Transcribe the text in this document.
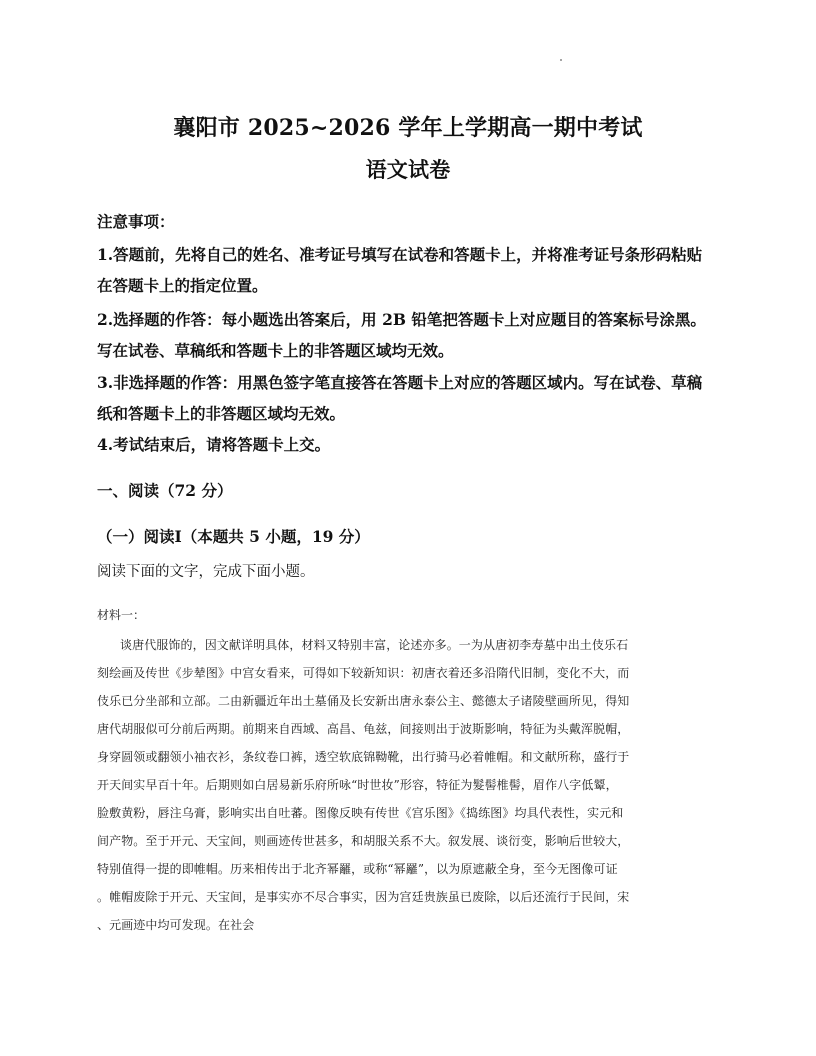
襄阳市 2025~2026 学年上学期高一期中考试
语文试卷
注意事项：
1.答题前，先将自己的姓名、准考证号填写在试卷和答题卡上，并将准考证号条形码粘贴
在答题卡上的指定位置。
2.选择题的作答：每小题选出答案后，用 2B 铅笔把答题卡上对应题目的答案标号涂黑。
写在试卷、草稿纸和答题卡上的非答题区域均无效。
3.非选择题的作答：用黑色签字笔直接答在答题卡上对应的答题区域内。写在试卷、草稿
纸和答题卡上的非答题区域均无效。
4.考试结束后，请将答题卡上交。
一、阅读（72 分）
（一）阅读Ⅰ（本题共 5 小题，19 分）
阅读下面的文字，完成下面小题。
材料一：
谈唐代服饰的，因文献详明具体，材料又特别丰富，论述亦多。一为从唐初李寿墓中出土伎乐石
刻绘画及传世《步辇图》中宫女看来，可得如下较新知识：初唐衣着还多沿隋代旧制，变化不大，而
伎乐已分坐部和立部。二由新疆近年出土墓俑及长安新出唐永泰公主、懿德太子诸陵壁画所见，得知
唐代胡服似可分前后两期。前期来自西域、高昌、龟兹，间接则出于波斯影响，特征为头戴浑脱帽，
身穿圆领或翻领小袖衣衫，条纹卷口裤，透空软底锦靿靴，出行骑马必着帷帽。和文献所称，盛行于
开天间实早百十年。后期则如白居易新乐府所咏“时世妆”形容，特征为髮髻椎髻，眉作八字低颦，
脸敷黄粉，唇注乌膏，影响实出自吐蕃。图像反映有传世《宫乐图》《捣练图》均具代表性，实元和
间产物。至于开元、天宝间，则画迹传世甚多，和胡服关系不大。叙发展、谈衍变，影响后世较大，
特别值得一提的即帷帽。历来相传出于北齐幂䍦，或称“幂䍦”，以为原遮蔽全身，至今无图像可证
。帷帽废除于开元、天宝间，是事实亦不尽合事实，因为宫廷贵族虽已废除，以后还流行于民间，宋
、元画迹中均可发现。在社会
